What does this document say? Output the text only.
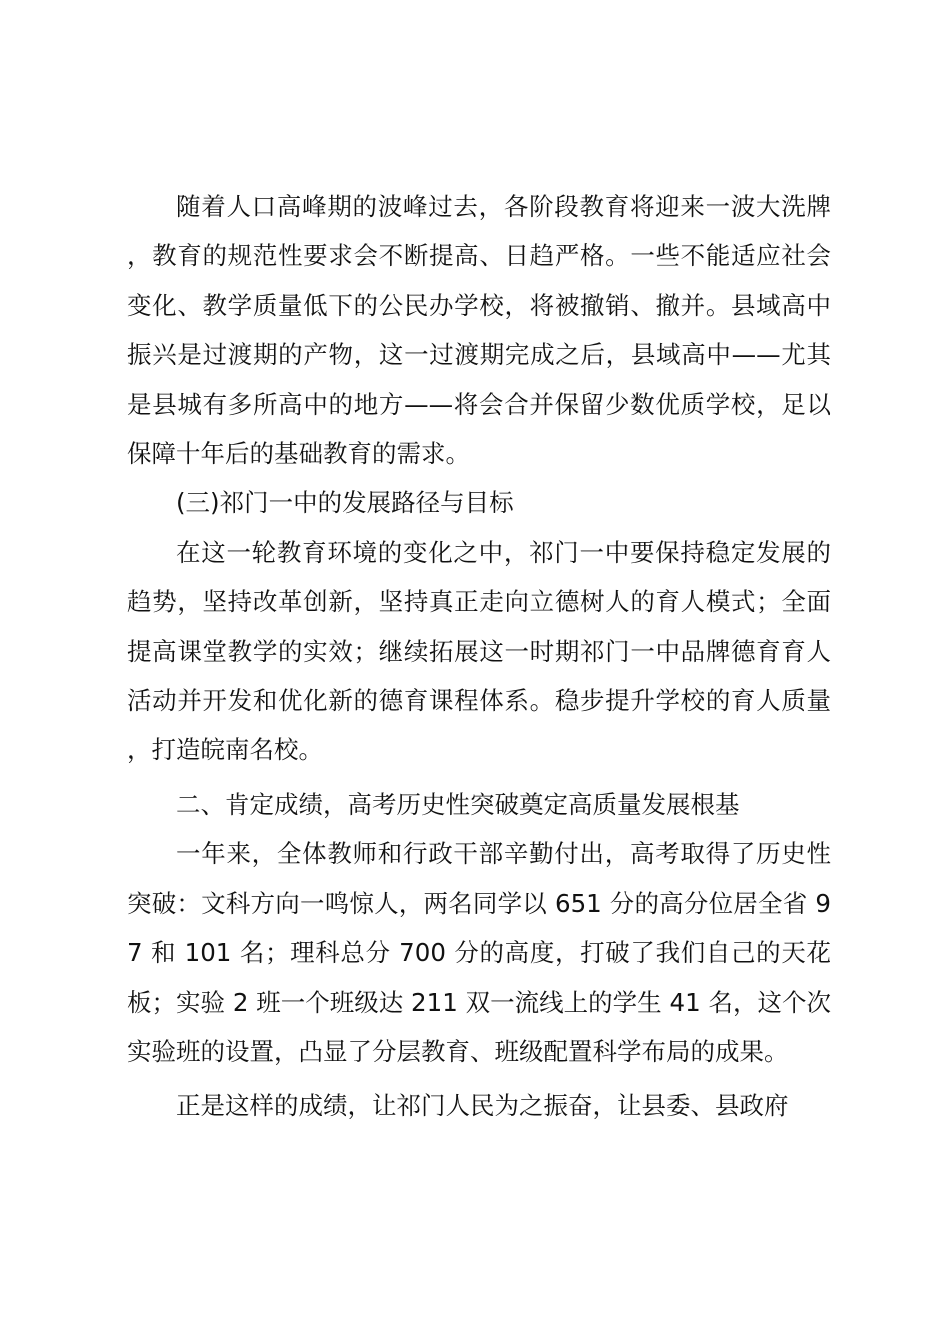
随着人口高峰期的波峰过去，各阶段教育将迎来一波大洗牌，教育的规范性要求会不断提高、日趋严格。一些不能适应社会变化、教学质量低下的公民办学校，将被撤销、撤并。县域高中振兴是过渡期的产物，这一过渡期完成之后，县域高中——尤其是县城有多所高中的地方——将会合并保留少数优质学校，足以保障十年后的基础教育的需求。

(三)祁门一中的发展路径与目标

在这一轮教育环境的变化之中，祁门一中要保持稳定发展的趋势，坚持改革创新，坚持真正走向立德树人的育人模式；全面提高课堂教学的实效；继续拓展这一时期祁门一中品牌德育育人活动并开发和优化新的德育课程体系。稳步提升学校的育人质量，打造皖南名校。

二、肯定成绩，高考历史性突破奠定高质量发展根基

一年来，全体教师和行政干部辛勤付出，高考取得了历史性突破：文科方向一鸣惊人，两名同学以 651 分的高分位居全省 97 和 101 名；理科总分 700 分的高度，打破了我们自己的天花板；实验 2 班一个班级达 211 双一流线上的学生 41 名，这个次实验班的设置，凸显了分层教育、班级配置科学布局的成果。

正是这样的成绩，让祁门人民为之振奋，让县委、县政府
